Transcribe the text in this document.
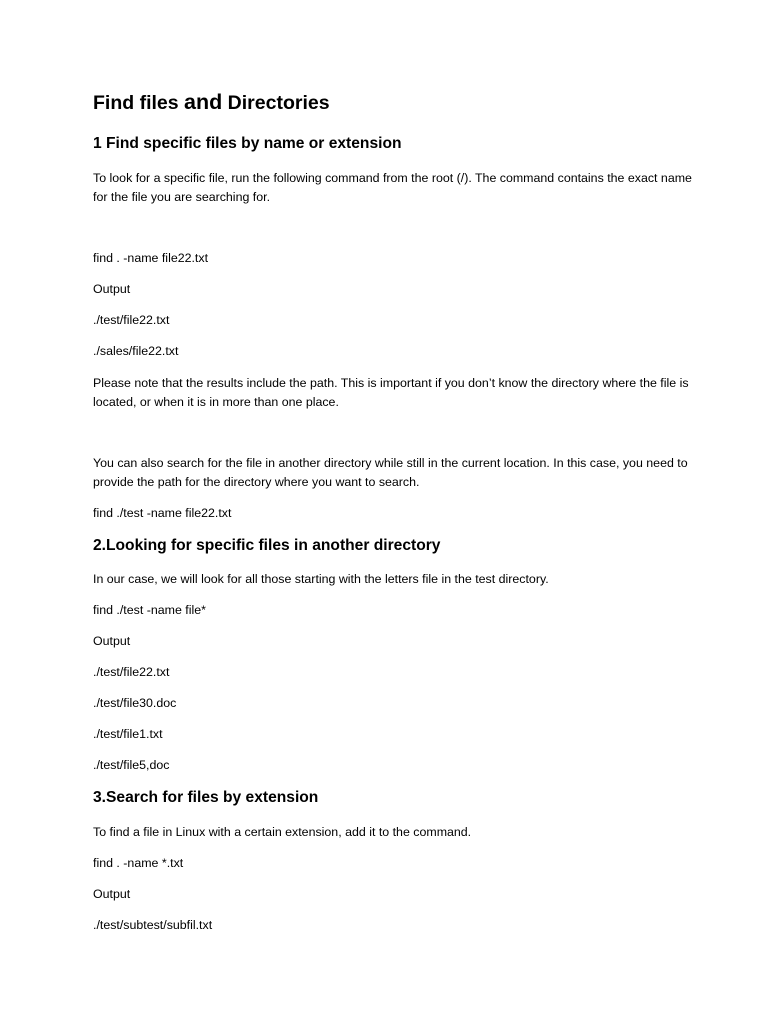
Find files and Directories
1 Find specific files by name or extension
To look for a specific file, run the following command from the root (/). The command contains the exact name for the file you are searching for.
find . -name file22.txt
Output
./test/file22.txt
./sales/file22.txt
Please note that the results include the path. This is important if you don’t know the directory where the file is located, or when it is in more than one place.
You can also search for the file in another directory while still in the current location. In this case, you need to provide the path for the directory where you want to search.
find ./test -name file22.txt
2.Looking for specific files in another directory
In our case, we will look for all those starting with the letters file in the test directory.
find ./test -name file*
Output
./test/file22.txt
./test/file30.doc
./test/file1.txt
./test/file5,doc
3.Search for files by extension
To find a file in Linux with a certain extension, add it to the command.
find . -name *.txt
Output
./test/subtest/subfil.txt
